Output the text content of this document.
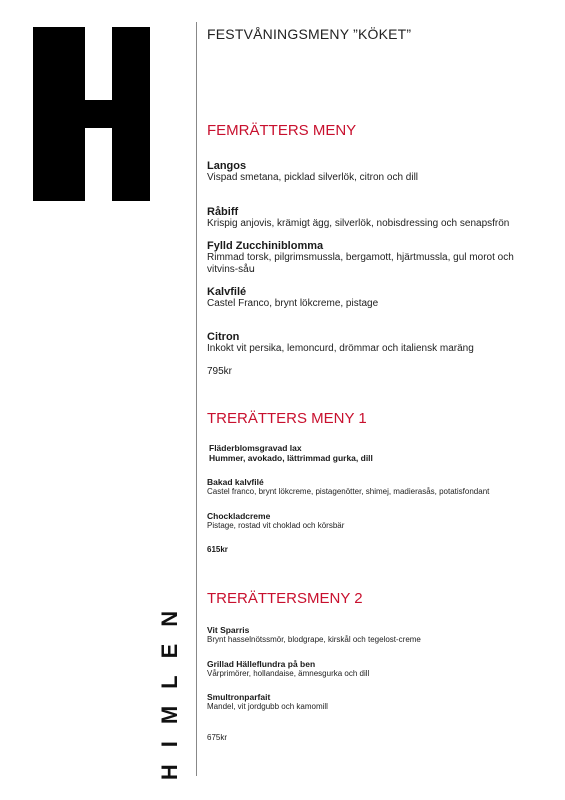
HIMLEN
FESTVÅNINGSMENY ”KÖKET”
FEMRÄTTERS MENY
Langos
Vispad smetana, picklad silverlök, citron och dill
Råbiff
Krispig anjovis, krämigt ägg, silverlök, nobisdressing och senapsfrön
Fylld Zucchiniblomma
Rimmad torsk, pilgrimsmussla, bergamott, hjärtmussla, gul morot och vitvins-såս
Kalvfilé
Castel Franco, brynt lökcreme, pistage
Citron
Inkokt vit persika, lemoncurd, drömmar och italiensk maräng
795kr
TRERÄTTERS MENY 1
Fläderblomsgravad lax
Hummer, avokado, lättrimmad gurka, dill
Bakad kalvfilé
Castel franco, brynt lökcreme, pistagenötter, shimej, madierasås, potatisfondant
Chockladcreme
Pistage, rostad vit choklad och körsbär
615kr
TRERÄTTERSMENY 2
Vit Sparris
Brynt hasselnötssmör, blodgrape, kirskål och tegelost-creme
Grillad Hälleflundra på ben
Vårprimörer, hollandaise, ämnesgurka och dill
Smultronparfait
Mandel, vit jordgubb och kamomill
675kr
